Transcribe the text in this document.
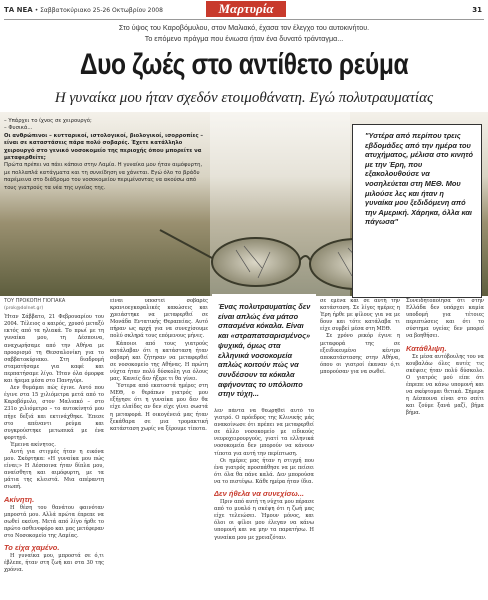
ΤΑ ΝΕΑ • Σαββατοκύριακο 25-26 Οκτωβρίου 2008	Μαρτυρία	31
Στο ύψος του Καροβόμυλου, στον Μαλιακό, έχασα τον έλεγχο του αυτοκινήτου.
Το επόμενο πράγμα που ένιωσα ήταν ένα δυνατό τράνταγμα...
Δυο ζωές στο αντίθετο ρεύμα
Η γυναίκα μου ήταν σχεδόν ετοιμοθάνατη. Εγώ πολυτραυματίας

– Υπάρχει το ίχνος σε χειρουργό;

– Φυσικά...

Οι ανθρώπινοι – κυτταρικοί, ιστολογικοί, βιολογικοί, ισορροπίες – είναι σε καταστάσεις πάρα πολύ σοβαρές. Έχετε κατάλληλο χειρουργό στο γενικό νοσοκομείο της περιοχής όπου μπορείτε να μεταφερθείτε;

Πρώτα πρέπει να πάει κάποιο στην Λαμία. Η γυναίκα μου ήταν αιμόφυρτη, με πολλαπλά κατάγματα και τη συνείδηση να χάνεται. Εγώ όλο το βράδυ παρέμεινα στο διάδρομο του νοσοκομείου περιμένοντας να ακούσω από τους γιατρούς τα νέα της υγείας της.

"Υστέρα από περίπου τρεις εβδομάδες από την ημέρα του ατυχήματος, μέλισα στο κινητό με την Έρη, που εξακολουθούσε να νοσηλεύεται στη ΜΕΘ. Μου μιλούσε λες και ήταν η γυναίκα μου ξεδιδόμενη από την Αμερική. Χάρηκα, όλλα και πάγωσα"
ΤΟΥ ΠΡΟΚΟΠΗ ΓΙΟΓΙΑΚΑ
(prok@dolnet.gr)

Ήταν Σάββατο, 21 Φεβρουαρίου του 2004. Τέλειος ο καιρός, χρυσό μεταξύ εκτός από τα ηλιακά. Το πρωί με τη γυναίκα μου, τη Δέσποινα, αναχωρήσαμε από την Αθήνα με προορισμό τη Θεσσαλονίκη για το σαββατοκύριακο. Στη διαδρομή σταματήσαμε για καφέ και περπατήσαμε λίγο. Ήταν όλα όμορφα και ήρεμα μέσα στο Πανηγύρι.

Δεν θυμάμαι πώς έγινε. Αυτό που έγινε στα 15 χιλιόμετρα μετά από το Καροβόμυλο, στον Μαλιακό – στο 231ο χιλιόμετρο – το αυτοκίνητό μου πήγε δεξιά και εκτινάχθηκε. Έπεσε στο απέναντι ρεύμα και συγκρούστηκε μετωπικά με ένα φορτηγό.

Έμεινα ακίνητος.

Αυτή για στιγμές ήταν η εικόνα μου. Σκέφτηκα: «Η γυναίκα μου πώς είναι;» Η Δέσποινα ήταν δίπλα μου, αναίσθητη και αιμόφυρτη, με τα μάτια της κλειστά. Μια απέραντη σιωπή.

Ακίνητη.

Η θέση του θανάτου φαινόταν μπροστά μου. Αλλά πρώτα έπρεπε να σωθεί εκείνη. Μετά από λίγο ήρθε το πρώτο ασθενοφόρο και μας μετέφεραν στο Νοσοκομείο της Λαμίας.

Το είχα χαμένο.

Η γυναίκα μου, μπροστά σε ό,τι έβλεπε, ήταν στη ζωή και στα 30 της χρόνια.

είναι υποστεί σοβαρές κρανιοεγκεφαλικές κακώσεις και χρειάστηκε να μεταφερθεί σε Μονάδα Εντατικής Θεραπείας. Αυτό πήραν ως αρχή για να συνεχίσουμε πολύ σκληρά τους επόμενους μήνες.

Κάποιοι από τους γιατρούς κατάλαβαν ότι η κατάσταση ήταν σοβαρή και ζήτησαν να μεταφερθεί σε νοσοκομείο της Αθήνας. Η πρώτη νύχτα ήταν πολύ δύσκολη για όλους μας. Κανείς δεν ήξερε τι θα γίνει.

Ύστερα από εκατοστά ημέρες στη ΜΕΘ, ο θεράπων γιατρός μου εξήγησε ότι η γυναίκα μου δεν θα είχε ελπίδες αν δεν είχε γίνει σωστά η μεταφορά. Η οικογένειά μας ήταν ξεκάθαρα σε μια τρομακτική κατάσταση χωρίς να ξέρουμε τίποτα.

Ένας πολυτραυματίας δεν είναι απλώς ένα μάτσο σπασμένα κόκαλα. Είναι και «στραπατσαρισμένος» ψυχικά, όμως στα ελληνικά νοσοκομεία απλώς κοιτούν πώς να συνδέσουν τα κόκαλα αφήνοντας το υπόλοιπο στην τύχη...

λεν πάντα να θεωρηθεί αυτό το γιατρό. Ο πρόεδρος της Κλινικής μάς ανακοίνωσε ότι πρέπει να μεταφερθεί σε άλλο νοσοκομείο με ειδικούς νευροχειρουργούς, γιατί τα ελληνικά νοσοκομεία δεν μπορούν να κάνουν τίποτα για αυτή την περίπτωση.

Οι ημέρες μας ήταν η στιγμή που ένα γιατρός προσπάθησε να με πείσει ότι όλα θα πάνε καλά. Δεν μπορούσα να το πιστέψω. Κάθε ημέρα ήταν ίδια.

Δεν ήθελα να συνεχίσω...

Πριν από αυτή τη νύχτα μου πέρασε από το μυαλό η σκέψη ότι η ζωή μας είχε τελειώσει. Ήμουν μόνος, και όλοι οι φίλοι μου έλεγαν να κάνω υπομονή και να μην τα παρατήσω. Η γυναίκα μου με χρειαζόταν.

σε εμένα και σε αυτή την κατάσταση. Σε λίγες ημέρες η Έρη ήρθε με φίλους για να με δουν και τότε κατάλαβα τι είχε συμβεί μέσα στη ΜΕΘ.

Σε χρόνο ρεκόρ έγινε η μεταφορά της σε εξειδικευμένο κέντρο αποκατάστασης στην Αθήνα, όπου οι γιατροί έκαναν ό,τι μπορούσαν για να σωθεί.

Συνειδητοποίησα ότι στην Ελλάδα δεν υπάρχει καμία υποδομή για τέτοιες περιπτώσεις και ότι το σύστημα υγείας δεν μπορεί να βοηθήσει.

Κατάθλιψη.

Σε μέσα αυτόβουλης του να κουβαλάω όλες αυτές τις σκέψεις ήταν πολύ δύσκολο. Ο γιατρός μού είπε ότι έπρεπε να κάνω υπομονή και να σκέφτομαι θετικά. Σήμερα η Δέσποινα είναι στο σπίτι και ζούμε ξανά μαζί, βήμα βήμα.
